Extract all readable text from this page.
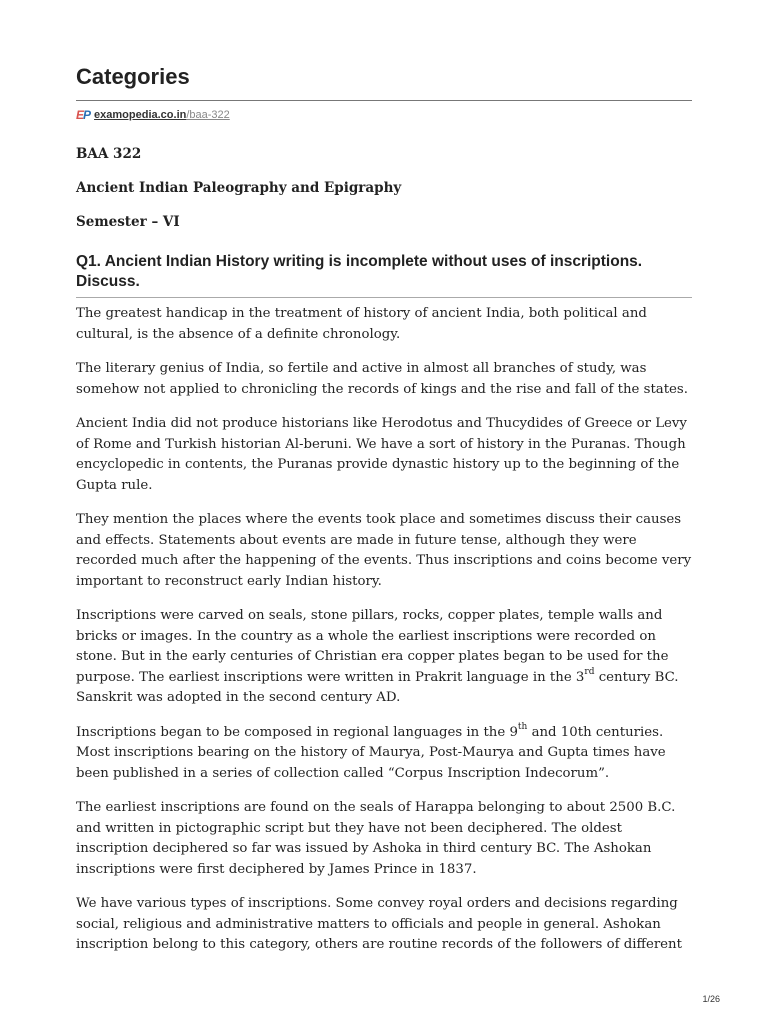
Categories
EP examopedia.co.in /baa-322

BAA 322

Ancient Indian Paleography and Epigraphy

Semester – VI

Q1. Ancient Indian History writing is incomplete without uses of inscriptions. Discuss.

The greatest handicap in the treatment of history of ancient India, both political and cultural, is the absence of a definite chronology.

The literary genius of India, so fertile and active in almost all branches of study, was somehow not applied to chronicling the records of kings and the rise and fall of the states.

Ancient India did not produce historians like Herodotus and Thucydides of Greece or Levy of Rome and Turkish historian Al-beruni. We have a sort of history in the Puranas. Though encyclopedic in contents, the Puranas provide dynastic history up to the beginning of the Gupta rule.

They mention the places where the events took place and sometimes discuss their causes and effects. Statements about events are made in future tense, although they were recorded much after the happening of the events. Thus inscriptions and coins become very important to reconstruct early Indian history.

Inscriptions were carved on seals, stone pillars, rocks, copper plates, temple walls and bricks or images. In the country as a whole the earliest inscriptions were recorded on stone. But in the early centuries of Christian era copper plates began to be used for the purpose. The earliest inscriptions were written in Prakrit language in the 3rd century BC. Sanskrit was adopted in the second century AD.

Inscriptions began to be composed in regional languages in the 9th and 10th centuries. Most inscriptions bearing on the history of Maurya, Post-Maurya and Gupta times have been published in a series of collection called “Corpus Inscription Indecorum”.

The earliest inscriptions are found on the seals of Harappa belonging to about 2500 B.C. and written in pictographic script but they have not been deciphered. The oldest inscription deciphered so far was issued by Ashoka in third century BC. The Ashokan inscriptions were first deciphered by James Prince in 1837.

We have various types of inscriptions. Some convey royal orders and decisions regarding social, religious and administrative matters to officials and people in general. Ashokan inscription belong to this category, others are routine records of the followers of different

1/26
